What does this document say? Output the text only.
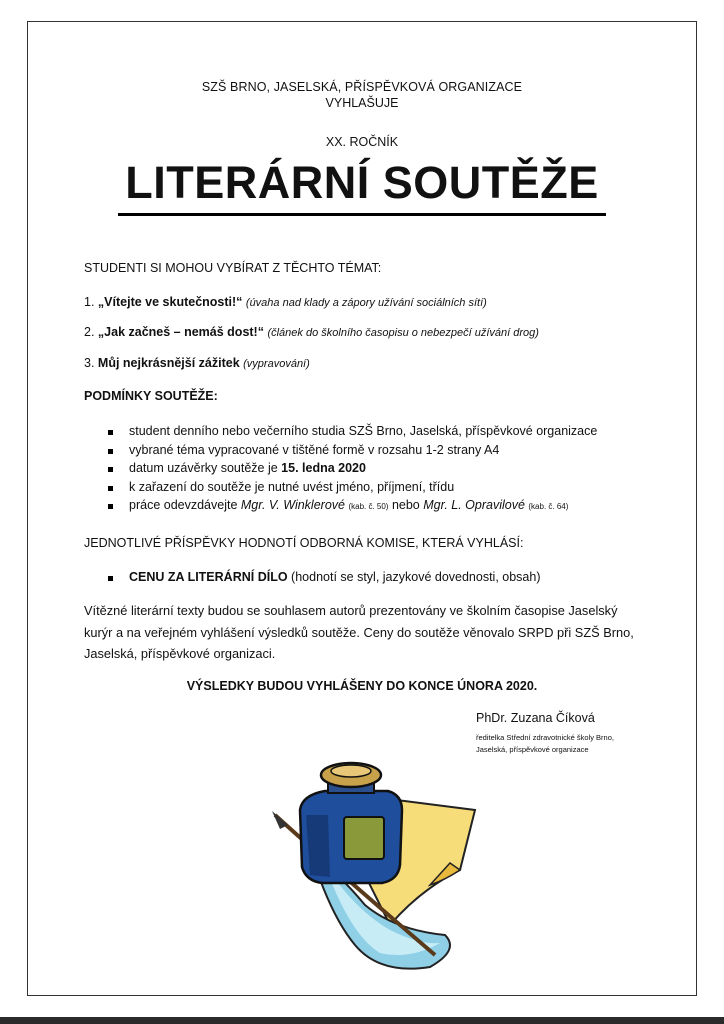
SZŠ BRNO, JASELSKÁ, PŘÍSPĚVKOVÁ ORGANIZACE
VYHLAŠUJE
XX. ROČNÍK
LITERÁRNÍ SOUTĚŽE
STUDENTI SI MOHOU VYBÍRAT Z TĚCHTO TÉMAT:
1. „Vítejte ve skutečnosti!“ (úvaha nad klady a zápory užívání sociálních sítí)
2. „Jak začneš – nemáš dost!“ (článek do školního časopisu o nebezpečí užívání drog)
3. Můj nejkrásnější zážitek (vypravování)
PODMÍNKY SOUTĚŽE:
student denního nebo večerního studia SZŠ Brno, Jaselská, příspěvkové organizace
vybrané téma vypracované v tištěné formě v rozsahu 1-2 strany A4
datum uzávěrky soutěže je 15. ledna 2020
k zařazení do soutěže je nutné uvést jméno, příjmení, třídu
práce odevzdávejte Mgr. V. Winklerové (kab. č. 50) nebo Mgr. L. Opravilové (kab. č. 64)
JEDNOTLIVÉ PŘÍSPĚVKY HODNOTÍ ODBORNÁ KOMISE, KTERÁ VYHLÁSÍ:
CENU ZA LITERÁRNÍ DÍLO (hodnotí se styl, jazykové dovednosti, obsah)
Vítězné literární texty budou se souhlasem autorů prezentovány ve školním časopise Jaselský kurýr a na veřejném vyhlášení výsledků soutěže. Ceny do soutěže věnovalo SRPD při SZŠ Brno, Jaselská, příspěvkové organizaci.
VÝSLEDKY BUDOU VYHLÁŠENY DO KONCE ÚNORA 2020.
PhDr. Zuzana Číková
ředitelka Střední zdravotnické školy Brno,
Jaselská, příspěvkové organizace
